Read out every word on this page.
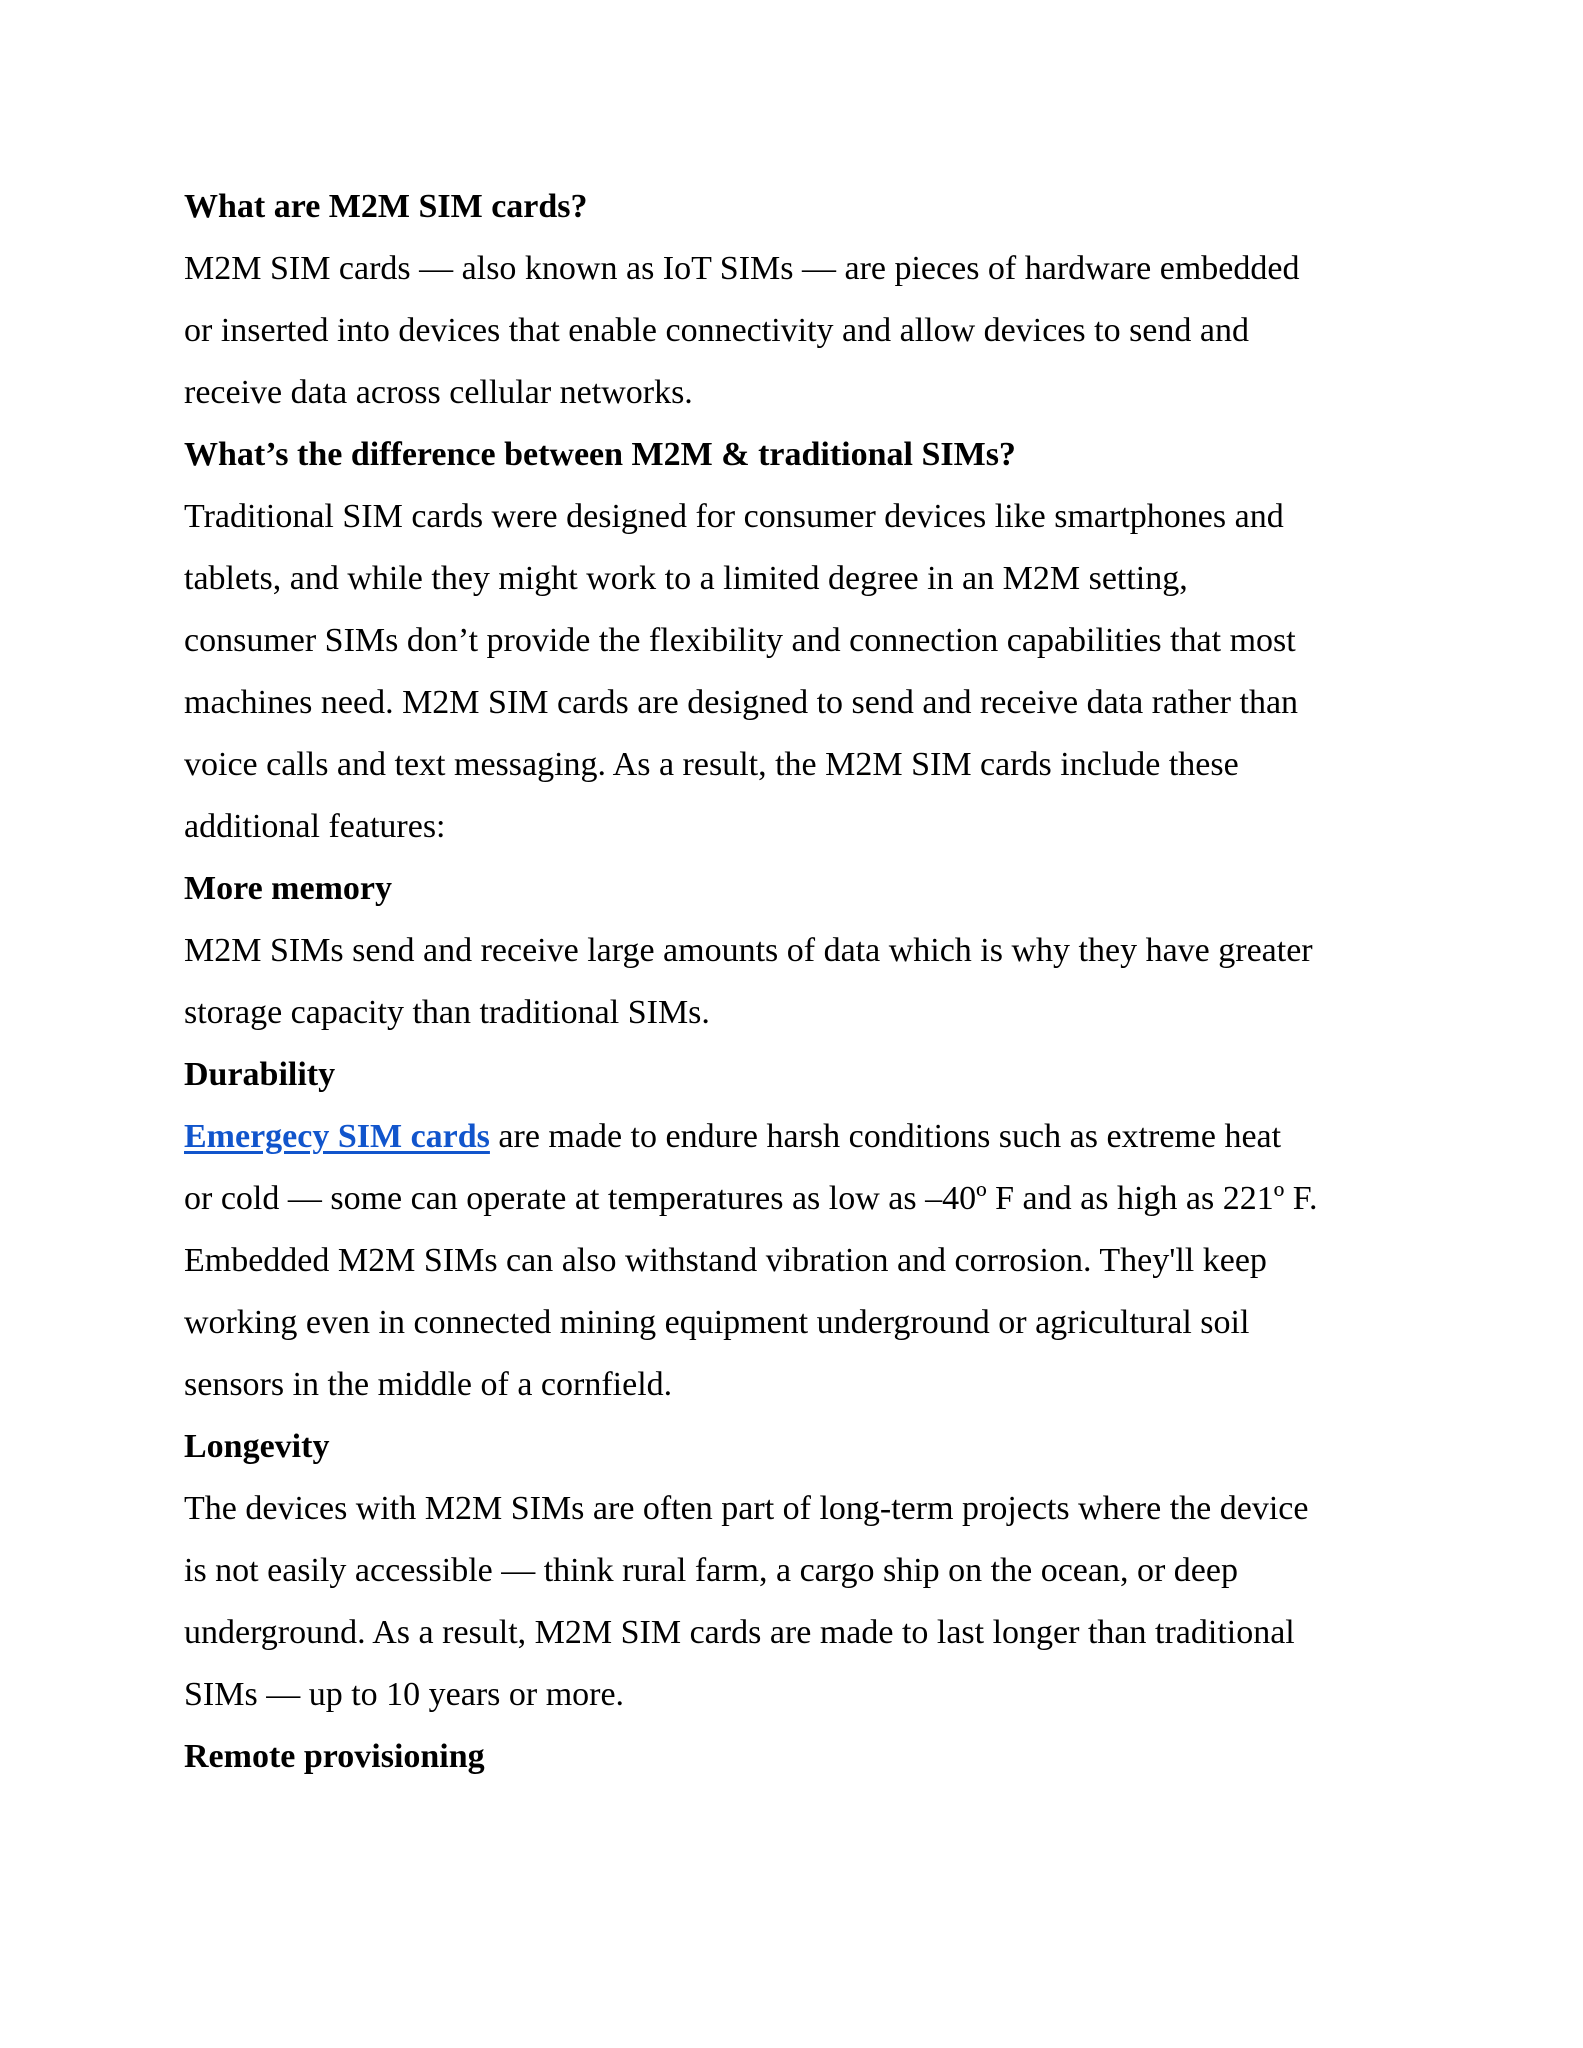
What are M2M SIM cards?
M2M SIM cards — also known as IoT SIMs — are pieces of hardware embedded
or inserted into devices that enable connectivity and allow devices to send and
receive data across cellular networks.
What’s the difference between M2M & traditional SIMs?
Traditional SIM cards were designed for consumer devices like smartphones and
tablets, and while they might work to a limited degree in an M2M setting,
consumer SIMs don’t provide the flexibility and connection capabilities that most
machines need. M2M SIM cards are designed to send and receive data rather than
voice calls and text messaging. As a result, the M2M SIM cards include these
additional features:
More memory
M2M SIMs send and receive large amounts of data which is why they have greater
storage capacity than traditional SIMs.
Durability
Emergecy SIM cards are made to endure harsh conditions such as extreme heat
or cold — some can operate at temperatures as low as –40º F and as high as 221º F.
Embedded M2M SIMs can also withstand vibration and corrosion. They'll keep
working even in connected mining equipment underground or agricultural soil
sensors in the middle of a cornfield.
Longevity
The devices with M2M SIMs are often part of long-term projects where the device
is not easily accessible — think rural farm, a cargo ship on the ocean, or deep
underground. As a result, M2M SIM cards are made to last longer than traditional
SIMs — up to 10 years or more.
Remote provisioning
